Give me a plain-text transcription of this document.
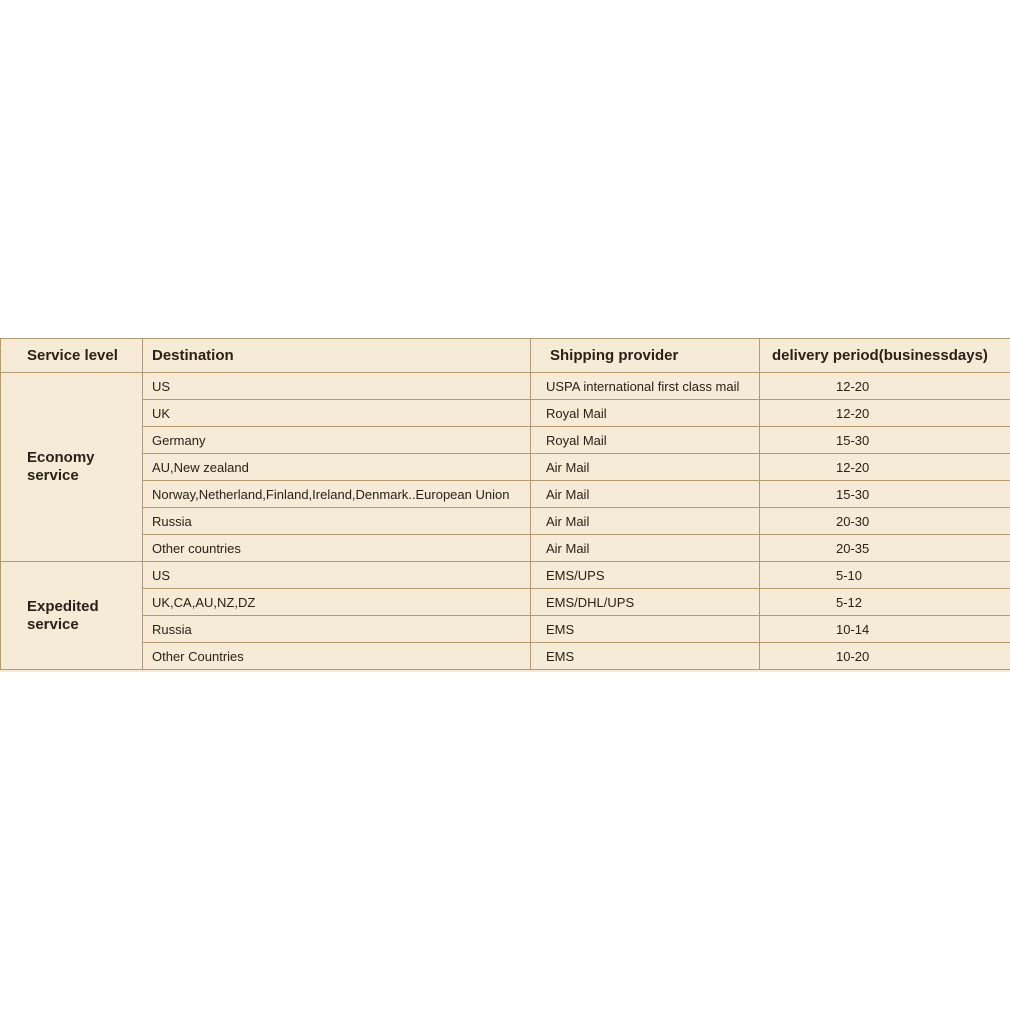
Service level	Destination	Shipping provider	delivery period(businessdays)
Economy service	US	USPA international first class mail	12-20
	UK	Royal Mail	12-20
	Germany	Royal Mail	15-30
	AU,New zealand	Air Mail	12-20
	Norway,Netherland,Finland,Ireland,Denmark..European Union	Air Mail	15-30
	Russia	Air Mail	20-30
	Other countries	Air Mail	20-35
Expedited service	US	EMS/UPS	5-10
	UK,CA,AU,NZ,DZ	EMS/DHL/UPS	5-12
	Russia	EMS	10-14
	Other Countries	EMS	10-20
